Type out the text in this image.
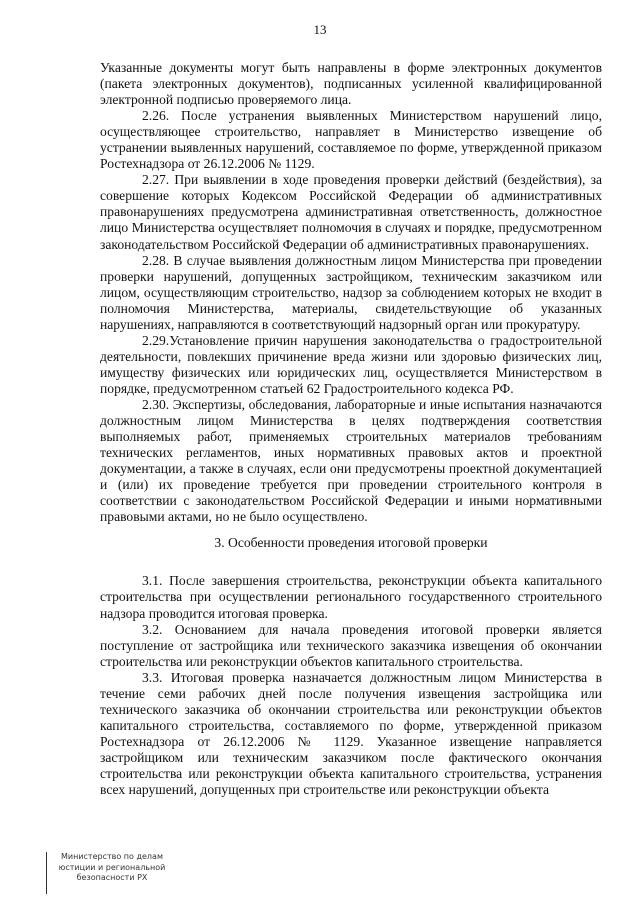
13

Указанные документы могут быть направлены в форме электронных документов (пакета электронных документов), подписанных усиленной квалифицированной электронной подписью проверяемого лица.

2.26. После устранения выявленных Министерством нарушений лицо, осуществляющее строительство, направляет в Министерство извещение об устранении выявленных нарушений, составляемое по форме, утвержденной приказом Ростехнадзора от 26.12.2006 № 1129.

2.27. При выявлении в ходе проведения проверки действий (бездействия), за совершение которых Кодексом Российской Федерации об административных правонарушениях предусмотрена административная ответственность, должностное лицо Министерства осуществляет полномочия в случаях и порядке, предусмотренном законодательством Российской Федерации об административных правонарушениях.

2.28. В случае выявления должностным лицом Министерства при проведении проверки нарушений, допущенных застройщиком, техническим заказчиком или лицом, осуществляющим строительство, надзор за соблюдением которых не входит в полномочия Министерства, материалы, свидетельствующие об указанных нарушениях, направляются в соответствующий надзорный орган или прокуратуру.

2.29.Установление причин нарушения законодательства о градостроительной деятельности, повлекших причинение вреда жизни или здоровью физических лиц, имуществу физических или юридических лиц, осуществляется Министерством в порядке, предусмотренном статьей 62 Градостроительного кодекса РФ.

2.30. Экспертизы, обследования, лабораторные и иные испытания назначаются должностным лицом Министерства в целях подтверждения соответствия выполняемых работ, применяемых строительных материалов требованиям технических регламентов, иных нормативных правовых актов и проектной документации, а также в случаях, если они предусмотрены проектной документацией и (или) их проведение требуется при проведении строительного контроля в соответствии с законодательством Российской Федерации и иными нормативными правовыми актами, но не было осуществлено.

3. Особенности проведения итоговой проверки

3.1. После завершения строительства, реконструкции объекта капитального строительства при осуществлении регионального государственного строительного надзора проводится итоговая проверка.

3.2. Основанием для начала проведения итоговой проверки является поступление от застройщика или технического заказчика извещения об окончании строительства или реконструкции объектов капитального строительства.

3.3. Итоговая проверка назначается должностным лицом Министерства в течение семи рабочих дней после получения извещения застройщика или технического заказчика об окончании строительства или реконструкции объектов капитального строительства, составляемого по форме, утвержденной приказом Ростехнадзора от 26.12.2006 № 1129. Указанное извещение направляется застройщиком или техническим заказчиком после фактического окончания строительства или реконструкции объекта капитального строительства, устранения всех нарушений, допущенных при строительстве или реконструкции объекта

Министерство по делам
юстиции и региональной
безопасности РХ
